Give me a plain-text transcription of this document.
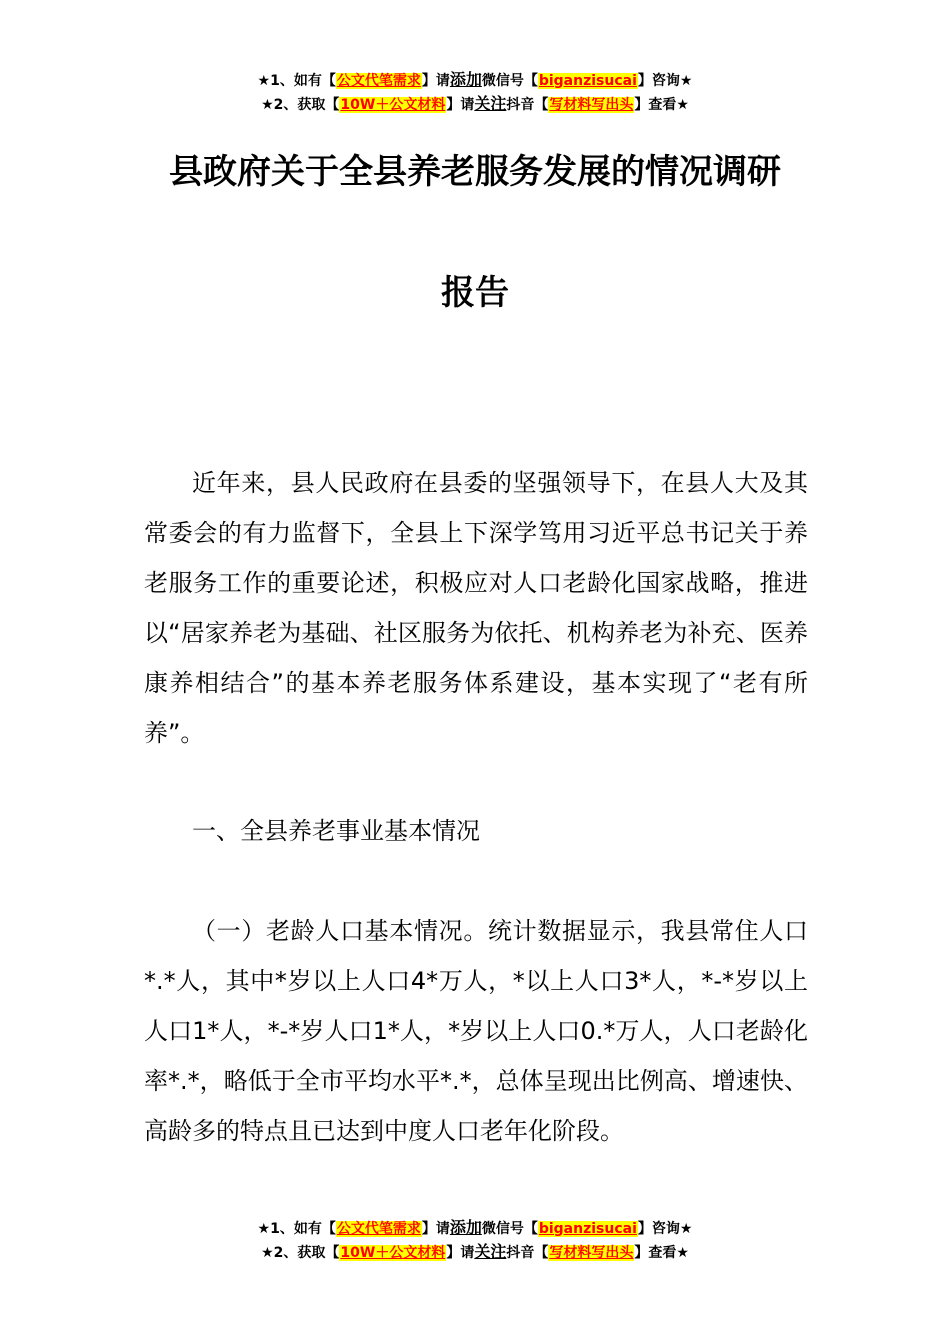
★1、如有【公文代笔需求】请添加微信号【biganzisucai】咨询★
★2、获取【10W＋公文材料】请关注抖音【写材料写出头】查看★
县政府关于全县养老服务发展的情况调研
报告

近年来，县人民政府在县委的坚强领导下，在县人大及其常委会的有力监督下，全县上下深学笃用习近平总书记关于养老服务工作的重要论述，积极应对人口老龄化国家战略，推进以“居家养老为基础、社区服务为依托、机构养老为补充、医养康养相结合”的基本养老服务体系建设，基本实现了“老有所养”。

一、全县养老事业基本情况

（一）老龄人口基本情况。统计数据显示，我县常住人口*.*人，其中*岁以上人口4*万人，*以上人口3*人，*-*岁以上人口1*人，*-*岁人口1*人，*岁以上人口0.*万人，人口老龄化率*.*，略低于全市平均水平*.*，总体呈现出比例高、增速快、高龄多的特点且已达到中度人口老年化阶段。

★1、如有【公文代笔需求】请添加微信号【biganzisucai】咨询★
★2、获取【10W＋公文材料】请关注抖音【写材料写出头】查看★
